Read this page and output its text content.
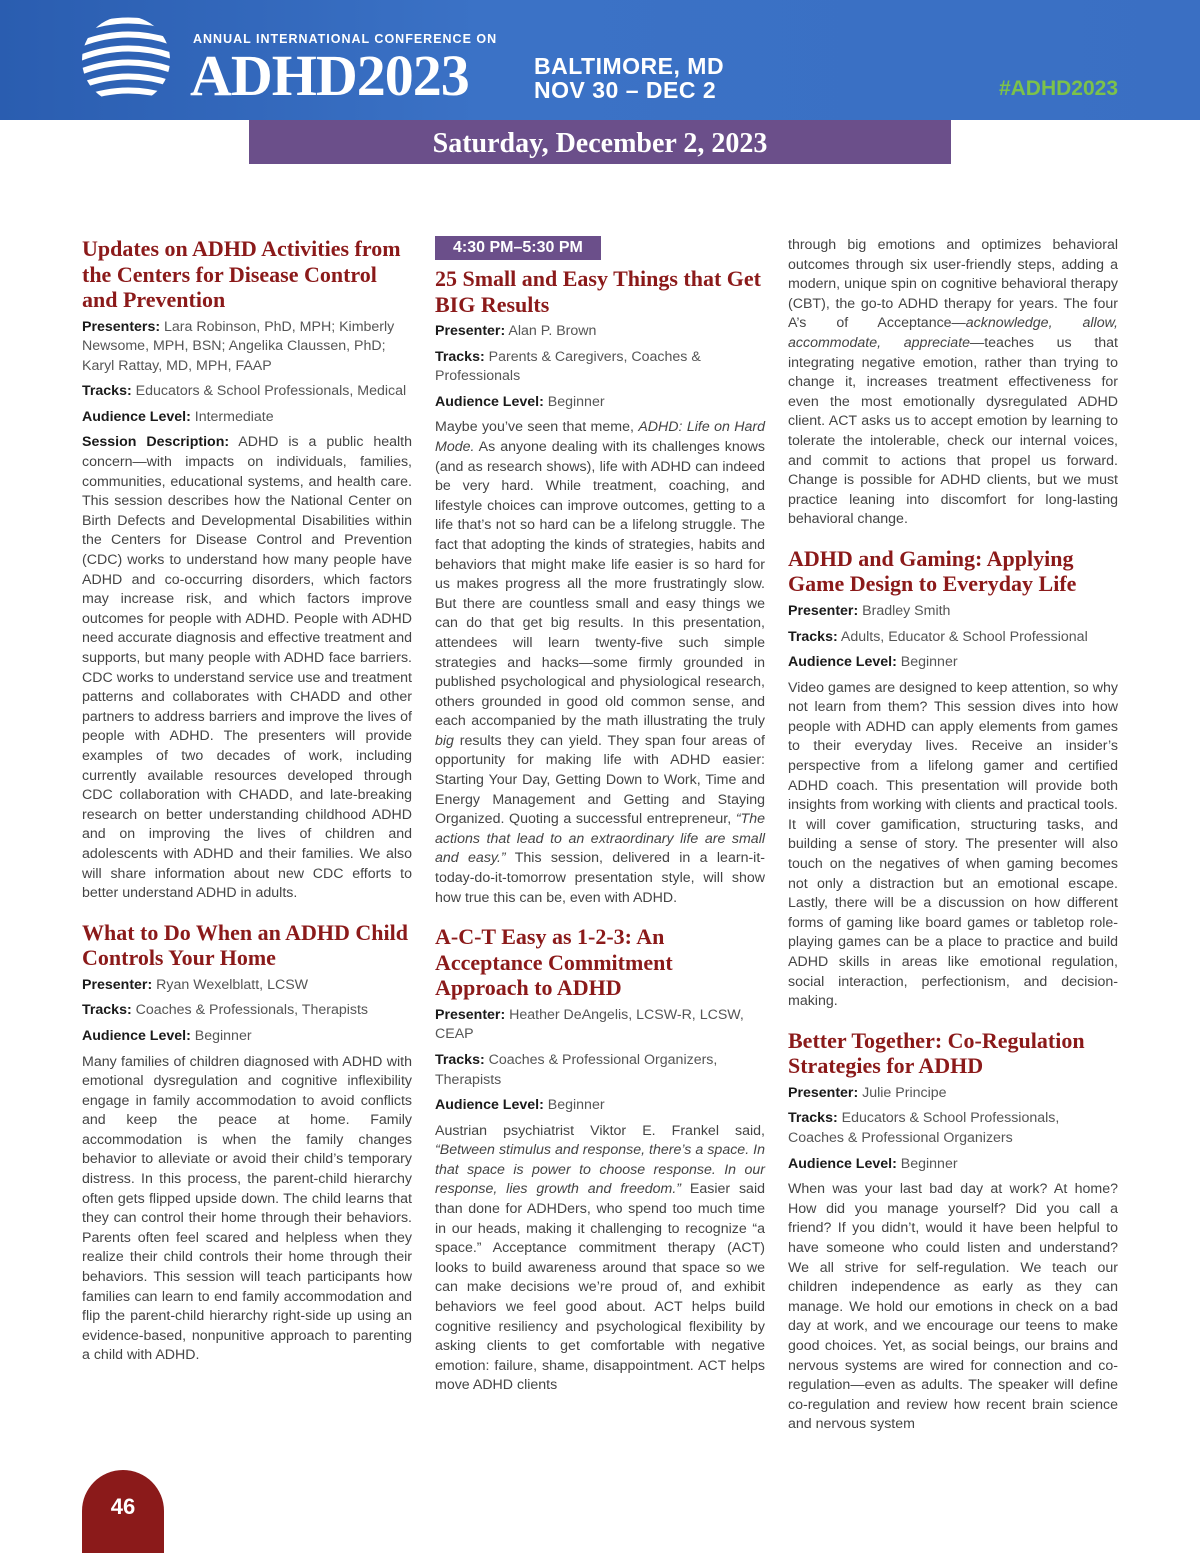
ANNUAL INTERNATIONAL CONFERENCE ON
ADHD2023	BALTIMORE, MD
NOV 30 – DEC 2	#ADHD2023
Saturday, December 2, 2023
Updates on ADHD Activities from the Centers for Disease Control and Prevention

Presenters: Lara Robinson, PhD, MPH; Kimberly Newsome, MPH, BSN; Angelika Claussen, PhD; Karyl Rattay, MD, MPH, FAAP

Tracks: Educators & School Professionals, Medical

Audience Level: Intermediate

Session Description: ADHD is a public health concern—with impacts on individuals, families, communities, educational systems, and health care. This session describes how the National Center on Birth Defects and Developmental Disabilities within the Centers for Disease Control and Prevention (CDC) works to understand how many people have ADHD and co-occurring disorders, which factors may increase risk, and which factors improve outcomes for people with ADHD. People with ADHD need accurate diagnosis and effective treatment and supports, but many people with ADHD face barriers. CDC works to understand service use and treatment patterns and collaborates with CHADD and other partners to address barriers and improve the lives of people with ADHD. The presenters will provide examples of two decades of work, including currently available resources developed through CDC collaboration with CHADD, and late-breaking research on better understanding childhood ADHD and on improving the lives of children and adolescents with ADHD and their families. We also will share information about new CDC efforts to better understand ADHD in adults.

What to Do When an ADHD Child Controls Your Home

Presenter: Ryan Wexelblatt, LCSW

Tracks: Coaches & Professionals, Therapists

Audience Level: Beginner

Many families of children diagnosed with ADHD with emotional dysregulation and cognitive inflexibility engage in family accommodation to avoid conflicts and keep the peace at home. Family accommodation is when the family changes behavior to alleviate or avoid their child’s temporary distress. In this process, the parent-child hierarchy often gets flipped upside down. The child learns that they can control their home through their behaviors. Parents often feel scared and helpless when they realize their child controls their home through their behaviors. This session will teach participants how families can learn to end family accommodation and flip the parent-child hierarchy right-side up using an evidence-based, nonpunitive approach to parenting a child with ADHD.

4:30 PM–5:30 PM
25 Small and Easy Things that Get BIG Results

Presenter: Alan P. Brown

Tracks: Parents & Caregivers, Coaches & Professionals

Audience Level: Beginner

Maybe you’ve seen that meme, ADHD: Life on Hard Mode. As anyone dealing with its challenges knows (and as research shows), life with ADHD can indeed be very hard. While treatment, coaching, and lifestyle choices can improve outcomes, getting to a life that’s not so hard can be a lifelong struggle. The fact that adopting the kinds of strategies, habits and behaviors that might make life easier is so hard for us makes progress all the more frustratingly slow. But there are countless small and easy things we can do that get big results. In this presentation, attendees will learn twenty-five such simple strategies and hacks—some firmly grounded in published psychological and physiological research, others grounded in good old common sense, and each accompanied by the math illustrating the truly big results they can yield. They span four areas of opportunity for making life with ADHD easier: Starting Your Day, Getting Down to Work, Time and Energy Management and Getting and Staying Organized. Quoting a successful entrepreneur, “The actions that lead to an extraordinary life are small and easy.” This session, delivered in a learn-it-today-do-it-tomorrow presentation style, will show how true this can be, even with ADHD.

A-C-T Easy as 1-2-3: An Acceptance Commitment Approach to ADHD

Presenter: Heather DeAngelis, LCSW-R, LCSW, CEAP

Tracks: Coaches & Professional Organizers, Therapists

Audience Level: Beginner

Austrian psychiatrist Viktor E. Frankel said, “Between stimulus and response, there’s a space. In that space is power to choose response. In our response, lies growth and freedom.” Easier said than done for ADHDers, who spend too much time in our heads, making it challenging to recognize “a space.” Acceptance commitment therapy (ACT) looks to build awareness around that space so we can make decisions we’re proud of, and exhibit behaviors we feel good about. ACT helps build cognitive resiliency and psychological flexibility by asking clients to get comfortable with negative emotion: failure, shame, disappointment. ACT helps move ADHD clients

through big emotions and optimizes behavioral outcomes through six user-friendly steps, adding a modern, unique spin on cognitive behavioral therapy (CBT), the go-to ADHD therapy for years. The four A’s of Acceptance—acknowledge, allow, accommodate, appreciate—teaches us that integrating negative emotion, rather than trying to change it, increases treatment effectiveness for even the most emotionally dysregulated ADHD client. ACT asks us to accept emotion by learning to tolerate the intolerable, check our internal voices, and commit to actions that propel us forward. Change is possible for ADHD clients, but we must practice leaning into discomfort for long-lasting behavioral change.

ADHD and Gaming: Applying Game Design to Everyday Life

Presenter: Bradley Smith

Tracks: Adults, Educator & School Professional

Audience Level: Beginner

Video games are designed to keep attention, so why not learn from them? This session dives into how people with ADHD can apply elements from games to their everyday lives. Receive an insider’s perspective from a lifelong gamer and certified ADHD coach. This presentation will provide both insights from working with clients and practical tools. It will cover gamification, structuring tasks, and building a sense of story. The presenter will also touch on the negatives of when gaming becomes not only a distraction but an emotional escape. Lastly, there will be a discussion on how different forms of gaming like board games or tabletop role-playing games can be a place to practice and build ADHD skills in areas like emotional regulation, social interaction, perfectionism, and decision-making.

Better Together: Co-Regulation Strategies for ADHD

Presenter: Julie Principe

Tracks: Educators & School Professionals, Coaches & Professional Organizers

Audience Level: Beginner

When was your last bad day at work? At home? How did you manage yourself? Did you call a friend? If you didn’t, would it have been helpful to have someone who could listen and understand? We all strive for self-regulation. We teach our children independence as early as they can manage. We hold our emotions in check on a bad day at work, and we encourage our teens to make good choices. Yet, as social beings, our brains and nervous systems are wired for connection and co-regulation—even as adults. The speaker will define co-regulation and review how recent brain science and nervous system

46
